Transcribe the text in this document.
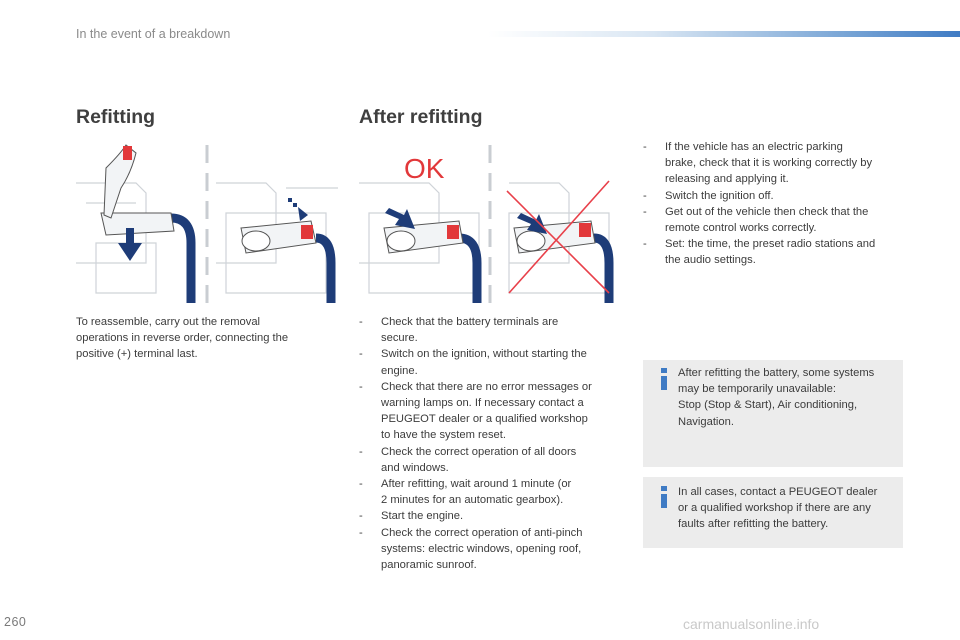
In the event of a breakdown
Refitting	After refitting
OK
To reassemble, carry out the removal
operations in reverse order, connecting the
positive (+) terminal last.
- Check that the battery terminals are
secure.
- Switch on the ignition, without starting the
engine.
- Check that there are no error messages or
warning lamps on. If necessary contact a
PEUGEOT dealer or a qualified workshop
to have the system reset.
- Check the correct operation of all doors
and windows.
- After refitting, wait around 1 minute (or
2 minutes for an automatic gearbox).
- Start the engine.
- Check the correct operation of anti-pinch
systems: electric windows, opening roof,
panoramic sunroof.
- If the vehicle has an electric parking
brake, check that it is working correctly by
releasing and applying it.
- Switch the ignition off.
- Get out of the vehicle then check that the
remote control works correctly.
- Set: the time, the preset radio stations and
the audio settings.
After refitting the battery, some systems
may be temporarily unavailable:
Stop (Stop & Start), Air conditioning,
Navigation.
In all cases, contact a PEUGEOT dealer
or a qualified workshop if there are any
faults after refitting the battery.
260	carmanualsonline.info
